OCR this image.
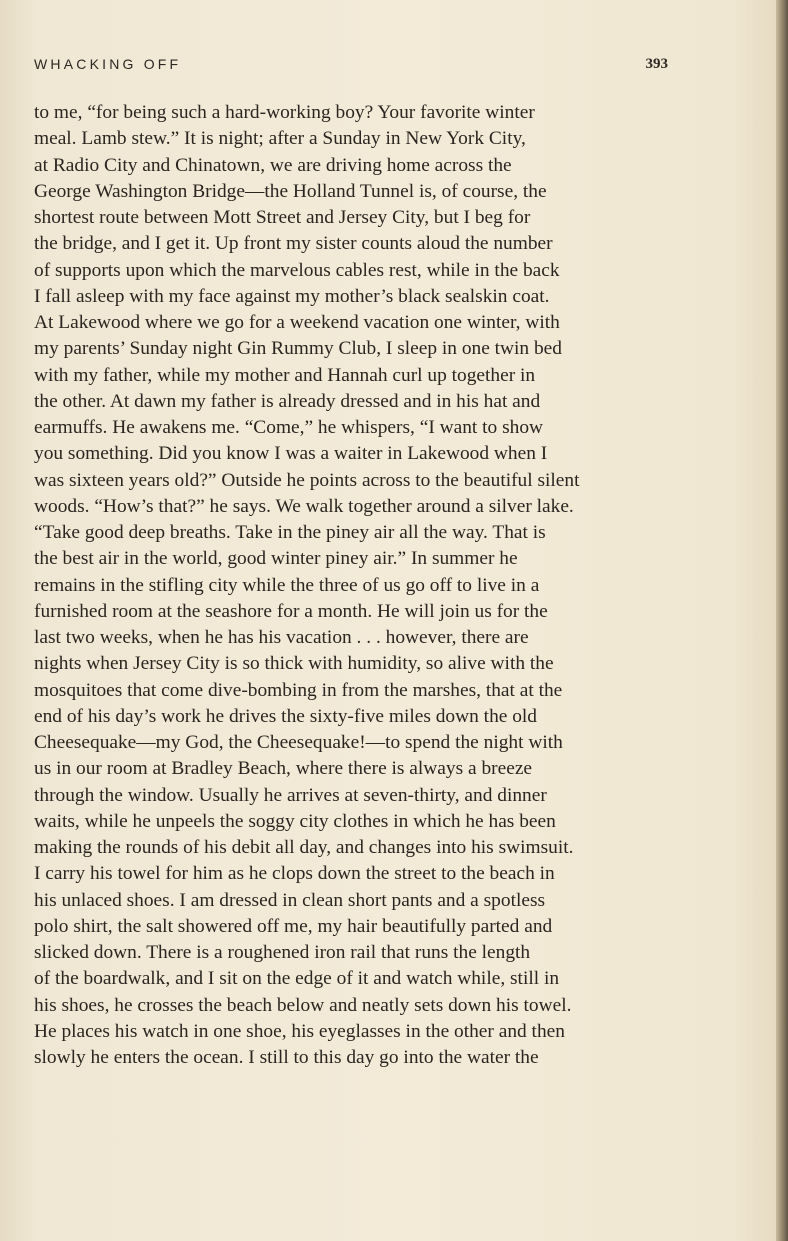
WHACKING OFF	393
to me, “for being such a hard-working boy? Your favorite winter
meal. Lamb stew.” It is night; after a Sunday in New York City,
at Radio City and Chinatown, we are driving home across the
George Washington Bridge—the Holland Tunnel is, of course, the
shortest route between Mott Street and Jersey City, but I beg for
the bridge, and I get it. Up front my sister counts aloud the number
of supports upon which the marvelous cables rest, while in the back
I fall asleep with my face against my mother’s black sealskin coat.
At Lakewood where we go for a weekend vacation one winter, with
my parents’ Sunday night Gin Rummy Club, I sleep in one twin bed
with my father, while my mother and Hannah curl up together in
the other. At dawn my father is already dressed and in his hat and
earmuffs. He awakens me. “Come,” he whispers, “I want to show
you something. Did you know I was a waiter in Lakewood when I
was sixteen years old?” Outside he points across to the beautiful silent
woods. “How’s that?” he says. We walk together around a silver lake.
“Take good deep breaths. Take in the piney air all the way. That is
the best air in the world, good winter piney air.” In summer he
remains in the stifling city while the three of us go off to live in a
furnished room at the seashore for a month. He will join us for the
last two weeks, when he has his vacation . . . however, there are
nights when Jersey City is so thick with humidity, so alive with the
mosquitoes that come dive-bombing in from the marshes, that at the
end of his day’s work he drives the sixty-five miles down the old
Cheesequake—my God, the Cheesequake!—to spend the night with
us in our room at Bradley Beach, where there is always a breeze
through the window. Usually he arrives at seven-thirty, and dinner
waits, while he unpeels the soggy city clothes in which he has been
making the rounds of his debit all day, and changes into his swimsuit.
I carry his towel for him as he clops down the street to the beach in
his unlaced shoes. I am dressed in clean short pants and a spotless
polo shirt, the salt showered off me, my hair beautifully parted and
slicked down. There is a roughened iron rail that runs the length
of the boardwalk, and I sit on the edge of it and watch while, still in
his shoes, he crosses the beach below and neatly sets down his towel.
He places his watch in one shoe, his eyeglasses in the other and then
slowly he enters the ocean. I still to this day go into the water the
